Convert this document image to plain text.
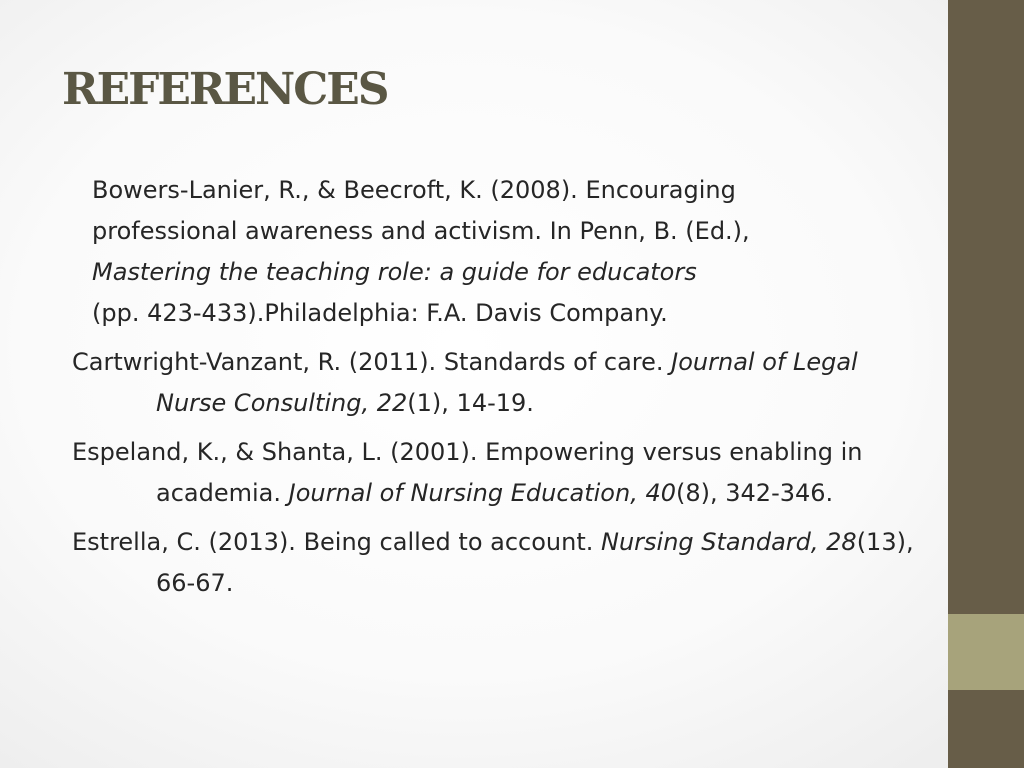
REFERENCES
Bowers-Lanier, R., & Beecroft, K. (2008). Encouraging
professional awareness and activism. In Penn, B. (Ed.),
Mastering the teaching role: a guide for educators
(pp. 423-433).Philadelphia: F.A. Davis Company.
Cartwright-Vanzant, R. (2011). Standards of care. Journal of Legal Nurse Consulting, 22(1), 14-19.
Espeland, K., & Shanta, L. (2001). Empowering versus enabling in academia. Journal of Nursing Education, 40(8), 342-346.
Estrella, C. (2013). Being called to account. Nursing Standard, 28(13), 66-67.
